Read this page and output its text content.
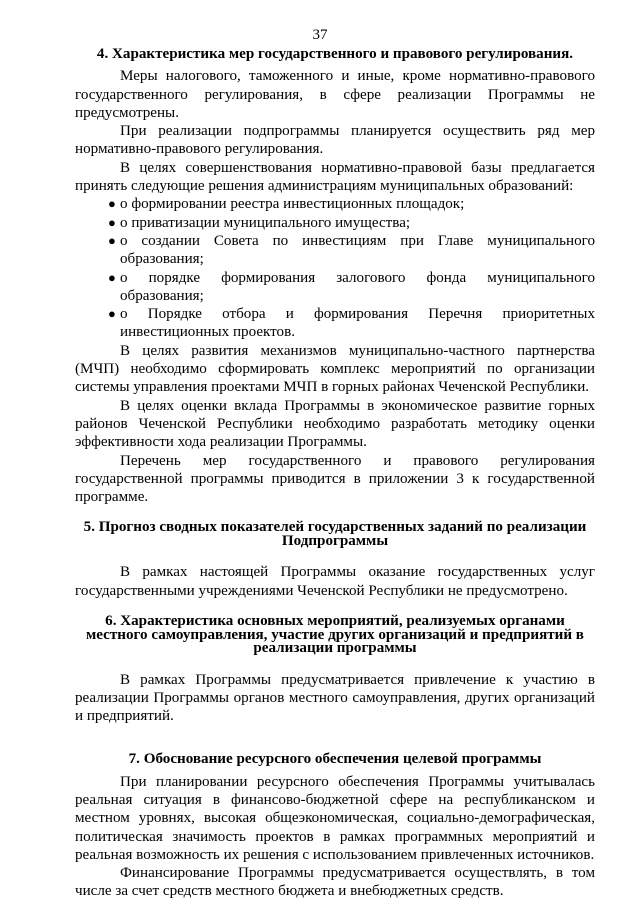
37
4. Характеристика мер государственного и правового регулирования.

Меры налогового, таможенного и иные, кроме нормативно-правового государственного регулирования, в сфере реализации Программы не предусмотрены.

При реализации подпрограммы планируется осуществить ряд мер нормативно-правового регулирования.

В целях совершенствования нормативно-правовой базы предлагается принять следующие решения администрациям муниципальных образований:

● о формировании реестра инвестиционных площадок;
● о приватизации муниципального имущества;
● о создании Совета по инвестициям при Главе муниципального образования;
● о порядке формирования залогового фонда муниципального образования;
● о Порядке отбора и формирования Перечня приоритетных инвестиционных проектов.

В целях развития механизмов муниципально-частного партнерства (МЧП) необходимо сформировать комплекс мероприятий по организации системы управления проектами МЧП в горных районах Чеченской Республики.

В целях оценки вклада Программы в экономическое развитие горных районов Чеченской Республики необходимо разработать методику оценки эффективности хода реализации Программы.

Перечень мер государственного и правового регулирования государственной программы приводится в приложении 3 к государственной программе.

5. Прогноз сводных показателей государственных заданий по реализации Подпрограммы

В рамках настоящей Программы оказание государственных услуг государственными учреждениями Чеченской Республики не предусмотрено.

6. Характеристика основных мероприятий, реализуемых органами местного самоуправления, участие других организаций и предприятий в реализации программы

В рамках Программы предусматривается привлечение к участию в реализации Программы органов местного самоуправления, других организаций и предприятий.

7. Обоснование ресурсного обеспечения целевой программы

При планировании ресурсного обеспечения Программы учитывалась реальная ситуация в финансово-бюджетной сфере на республиканском и местном уровнях, высокая общеэкономическая, социально-демографическая, политическая значимость проектов в рамках программных мероприятий и реальная возможность их решения с использованием привлеченных источников.

Финансирование Программы предусматривается осуществлять, в том числе за счет средств местного бюджета и внебюджетных средств.
